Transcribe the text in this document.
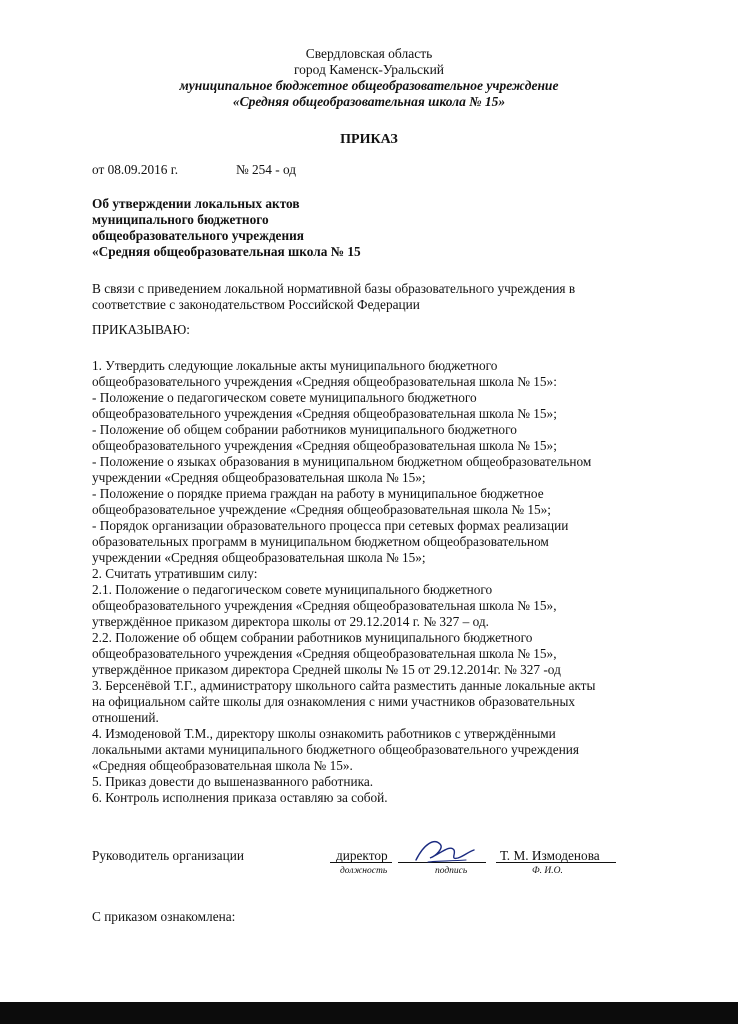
Свердловская область
город Каменск-Уральский
муниципальное бюджетное общеобразовательное учреждение
«Средняя общеобразовательная школа № 15»
ПРИКАЗ
от 08.09.2016 г.	№ 254 - од
Об утверждении локальных актов
муниципального бюджетного
общеобразовательного учреждения
«Средняя общеобразовательная школа № 15
В связи с приведением локальной нормативной базы образовательного учреждения в
соответствие с законодательством Российской Федерации
ПРИКАЗЫВАЮ:
1. Утвердить следующие локальные акты муниципального бюджетного
общеобразовательного учреждения «Средняя общеобразовательная школа № 15»:
- Положение о педагогическом совете муниципального бюджетного
общеобразовательного учреждения «Средняя общеобразовательная школа № 15»;
- Положение об общем собрании работников муниципального бюджетного
общеобразовательного учреждения «Средняя общеобразовательная школа № 15»;
- Положение о языках образования в муниципальном бюджетном общеобразовательном
учреждении «Средняя общеобразовательная школа № 15»;
- Положение о порядке приема граждан на работу в муниципальное бюджетное
общеобразовательное учреждение «Средняя общеобразовательная школа № 15»;
- Порядок организации образовательного процесса при сетевых формах реализации
образовательных программ в муниципальном бюджетном общеобразовательном
учреждении «Средняя общеобразовательная школа № 15»;
2. Считать утратившим силу:
2.1. Положение о педагогическом совете муниципального бюджетного
общеобразовательного учреждения «Средняя общеобразовательная школа № 15»,
утверждённое приказом директора школы от 29.12.2014 г. № 327 – од.
2.2. Положение об общем собрании работников муниципального бюджетного
общеобразовательного учреждения «Средняя общеобразовательная школа № 15»,
утверждённое приказом директора Средней школы № 15 от 29.12.2014г. № 327 -од
3. Берсенёвой Т.Г., администратору школьного сайта разместить данные локальные акты
на официальном сайте школы для ознакомления с ними участников образовательных
отношений.
4. Измоденовой Т.М., директору школы ознакомить работников с утверждёнными
локальными актами муниципального бюджетного общеобразовательного учреждения
«Средняя общеобразовательная школа № 15».
5. Приказ довести до вышеназванного работника.
6. Контроль исполнения приказа оставляю за собой.
Руководитель организации	директор	Т. М. Измоденова
должность	подпись	Ф. И.О.
С приказом ознакомлена:
